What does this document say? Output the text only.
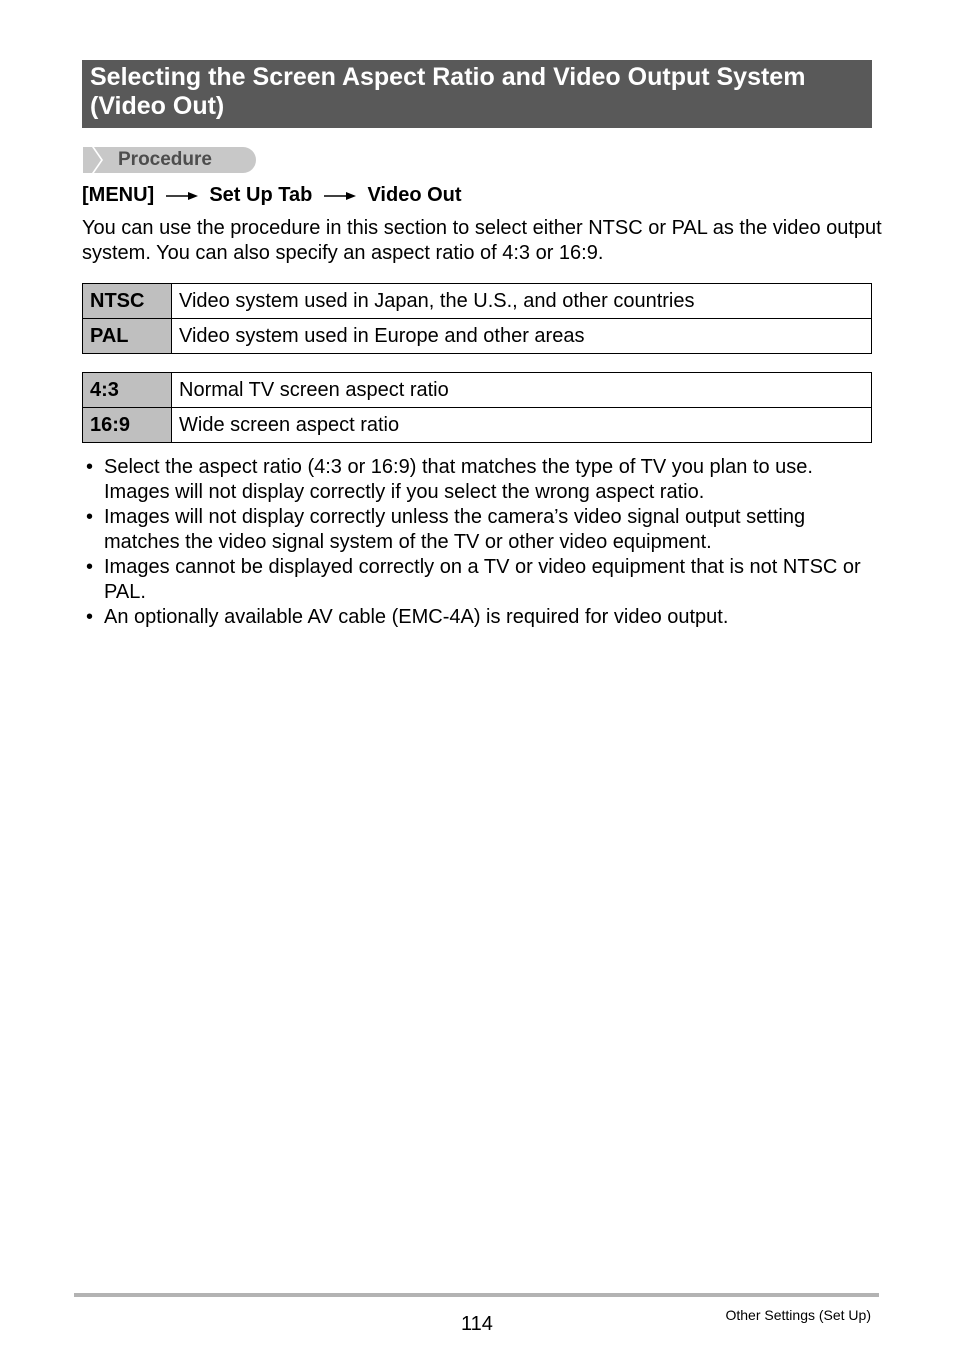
Selecting the Screen Aspect Ratio and Video Output System (Video Out)
Procedure
[MENU]	Set Up Tab	Video Out

You can use the procedure in this section to select either NTSC or PAL as the video output system. You can also specify an aspect ratio of 4:3 or 16:9.

NTSC	Video system used in Japan, the U.S., and other countries
PAL	Video system used in Europe and other areas
4:3	Normal TV screen aspect ratio
16:9	Wide screen aspect ratio
• Select the aspect ratio (4:3 or 16:9) that matches the type of TV you plan to use. Images will not display correctly if you select the wrong aspect ratio.
• Images will not display correctly unless the camera’s video signal output setting matches the video signal system of the TV or other video equipment.
• Images cannot be displayed correctly on a TV or video equipment that is not NTSC or PAL.
• An optionally available AV cable (EMC-4A) is required for video output.
114	Other Settings (Set Up)
